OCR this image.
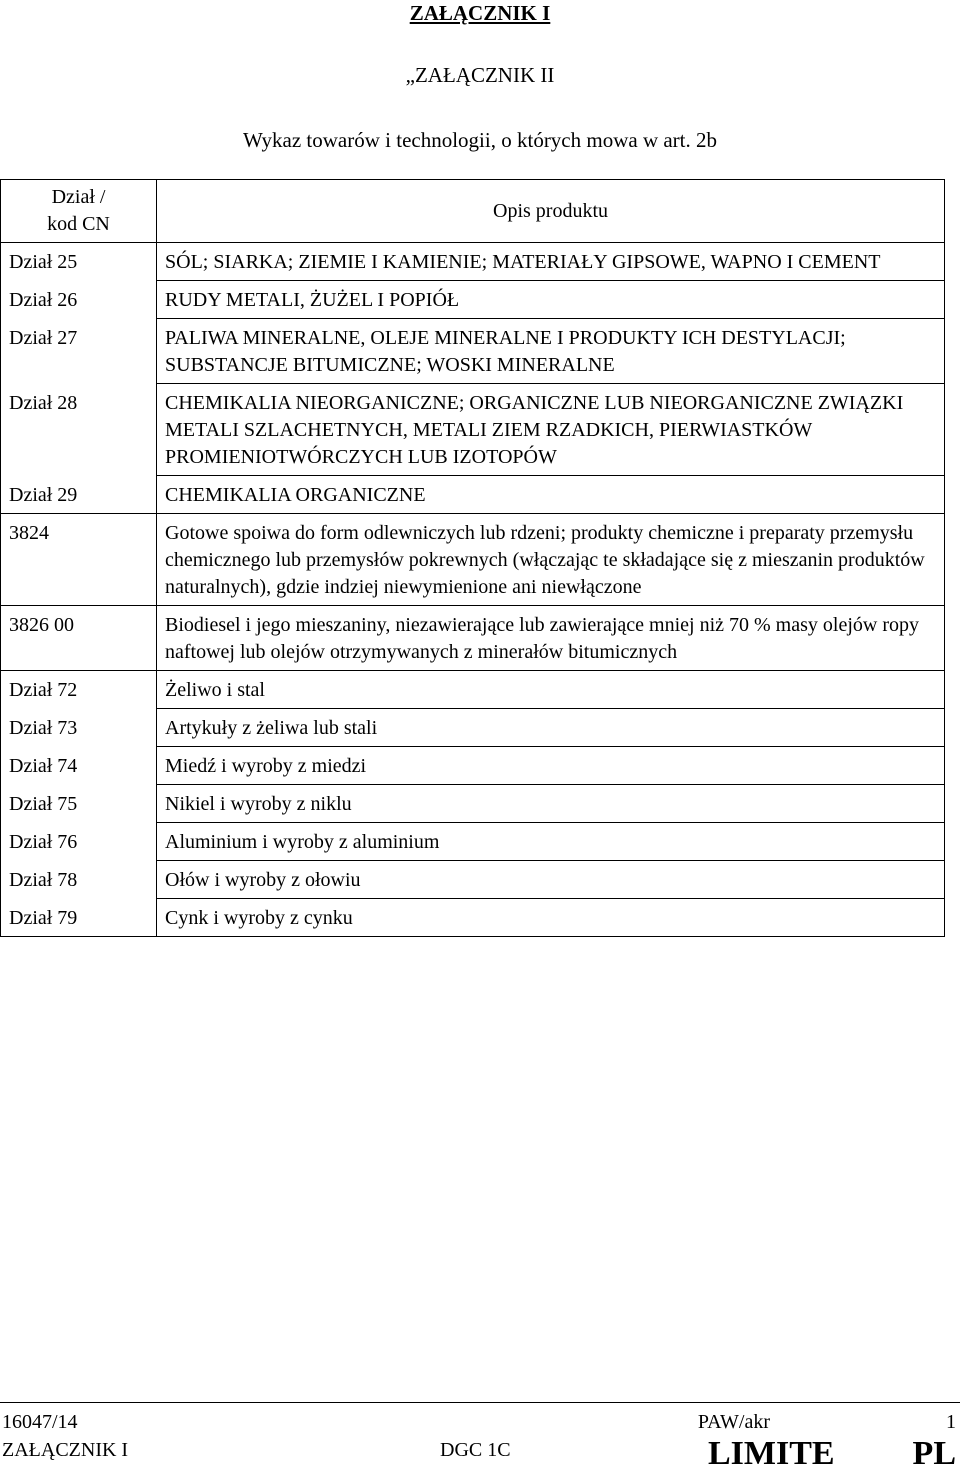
ZAŁĄCZNIK I
„ZAŁĄCZNIK II
Wykaz towarów i technologii, o których mowa w art. 2b
Dział /
kod CN	Opis produktu
Dział 25	SÓL; SIARKA; ZIEMIE I KAMIENIE; MATERIAŁY GIPSOWE, WAPNO I CEMENT
Dział 26	RUDY METALI, ŻUŻEL I POPIÓŁ
Dział 27	PALIWA MINERALNE, OLEJE MINERALNE I PRODUKTY ICH DESTYLACJI; SUBSTANCJE BITUMICZNE; WOSKI MINERALNE
Dział 28	CHEMIKALIA NIEORGANICZNE; ORGANICZNE LUB NIEORGANICZNE ZWIĄZKI METALI SZLACHETNYCH, METALI ZIEM RZADKICH, PIERWIASTKÓW PROMIENIOTWÓRCZYCH LUB IZOTOPÓW
Dział 29	CHEMIKALIA ORGANICZNE
3824	Gotowe spoiwa do form odlewniczych lub rdzeni; produkty chemiczne i preparaty przemysłu chemicznego lub przemysłów pokrewnych (włączając te składające się z mieszanin produktów naturalnych), gdzie indziej niewymienione ani niewłączone
3826 00	Biodiesel i jego mieszaniny, niezawierające lub zawierające mniej niż 70 % masy olejów ropy naftowej lub olejów otrzymywanych z minerałów bitumicznych
Dział 72	Żeliwo i stal
Dział 73	Artykuły z żeliwa lub stali
Dział 74	Miedź i wyroby z miedzi
Dział 75	Nikiel i wyroby z niklu
Dział 76	Aluminium i wyroby z aluminium
Dział 78	Ołów i wyroby z ołowiu
Dział 79	Cynk i wyroby z cynku
16047/14	PAW/akr	1
ZAŁĄCZNIK I	DGC 1C	LIMITE PL
